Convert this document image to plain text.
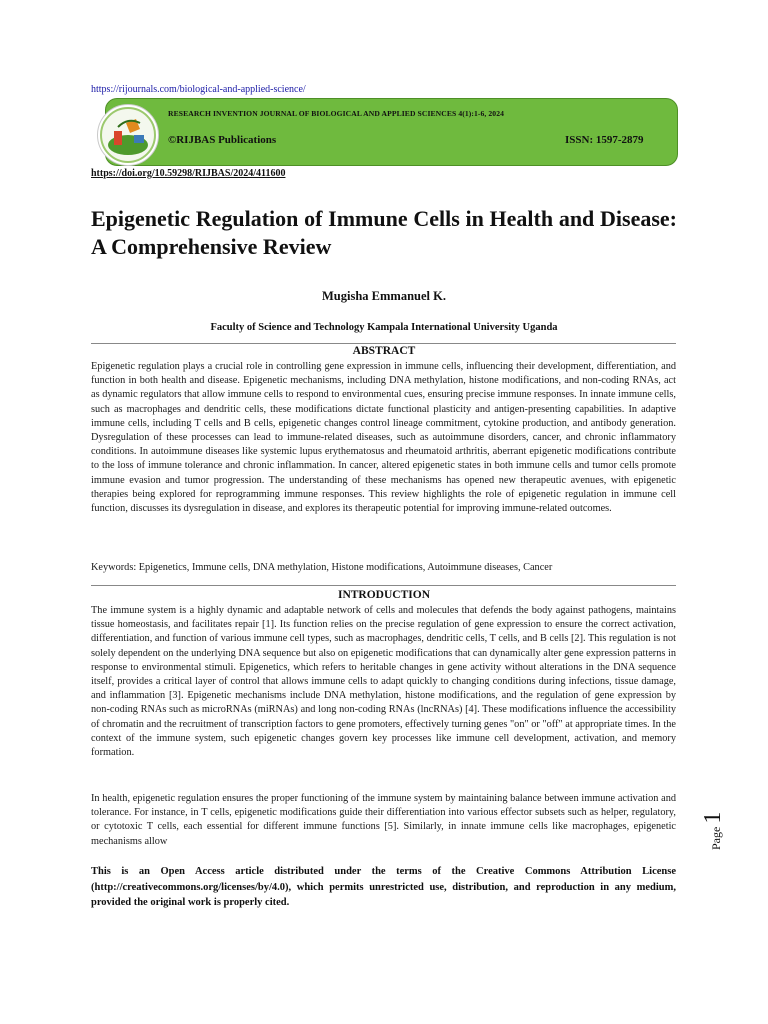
https://rijournals.com/biological-and-applied-science/
RESEARCH INVENTION JOURNAL OF BIOLOGICAL AND APPLIED SCIENCES 4(1):1-6, 2024
©RIJBAS Publications	ISSN: 1597-2879
https://doi.org/10.59298/RIJBAS/2024/411600
Epigenetic Regulation of Immune Cells in Health and Disease: A Comprehensive Review
Mugisha Emmanuel K.
Faculty of Science and Technology Kampala International University Uganda
ABSTRACT

Epigenetic regulation plays a crucial role in controlling gene expression in immune cells, influencing their development, differentiation, and function in both health and disease. Epigenetic mechanisms, including DNA methylation, histone modifications, and non-coding RNAs, act as dynamic regulators that allow immune cells to respond to environmental cues, ensuring precise immune responses. In innate immune cells, such as macrophages and dendritic cells, these modifications dictate functional plasticity and antigen-presenting capabilities. In adaptive immune cells, including T cells and B cells, epigenetic changes control lineage commitment, cytokine production, and antibody generation. Dysregulation of these processes can lead to immune-related diseases, such as autoimmune disorders, cancer, and chronic inflammatory conditions. In autoimmune diseases like systemic lupus erythematosus and rheumatoid arthritis, aberrant epigenetic modifications contribute to the loss of immune tolerance and chronic inflammation. In cancer, altered epigenetic states in both immune cells and tumor cells promote immune evasion and tumor progression. The understanding of these mechanisms has opened new therapeutic avenues, with epigenetic therapies being explored for reprogramming immune responses. This review highlights the role of epigenetic regulation in immune cell function, discusses its dysregulation in disease, and explores its therapeutic potential for improving immune-related outcomes.

Keywords: Epigenetics, Immune cells, DNA methylation, Histone modifications, Autoimmune diseases, Cancer

INTRODUCTION

The immune system is a highly dynamic and adaptable network of cells and molecules that defends the body against pathogens, maintains tissue homeostasis, and facilitates repair [1]. Its function relies on the precise regulation of gene expression to ensure the correct activation, differentiation, and function of various immune cell types, such as macrophages, dendritic cells, T cells, and B cells [2]. This regulation is not solely dependent on the underlying DNA sequence but also on epigenetic modifications that can dynamically alter gene expression patterns in response to environmental stimuli. Epigenetics, which refers to heritable changes in gene activity without alterations in the DNA sequence itself, provides a critical layer of control that allows immune cells to adapt quickly to changing conditions during infections, tissue damage, and inflammation [3]. Epigenetic mechanisms include DNA methylation, histone modifications, and the regulation of gene expression by non-coding RNAs such as microRNAs (miRNAs) and long non-coding RNAs (lncRNAs) [4]. These modifications influence the accessibility of chromatin and the recruitment of transcription factors to gene promoters, effectively turning genes "on" or "off" at appropriate times. In the context of the immune system, such epigenetic changes govern key processes like immune cell development, activation, and memory formation.

In health, epigenetic regulation ensures the proper functioning of the immune system by maintaining balance between immune activation and tolerance. For instance, in T cells, epigenetic modifications guide their differentiation into various effector subsets such as helper, regulatory, or cytotoxic T cells, each essential for different immune functions [5]. Similarly, in innate immune cells like macrophages, epigenetic mechanisms allow

This is an Open Access article distributed under the terms of the Creative Commons Attribution License (http://creativecommons.org/licenses/by/4.0), which permits unrestricted use, distribution, and reproduction in any medium, provided the original work is properly cited.

Page 1
